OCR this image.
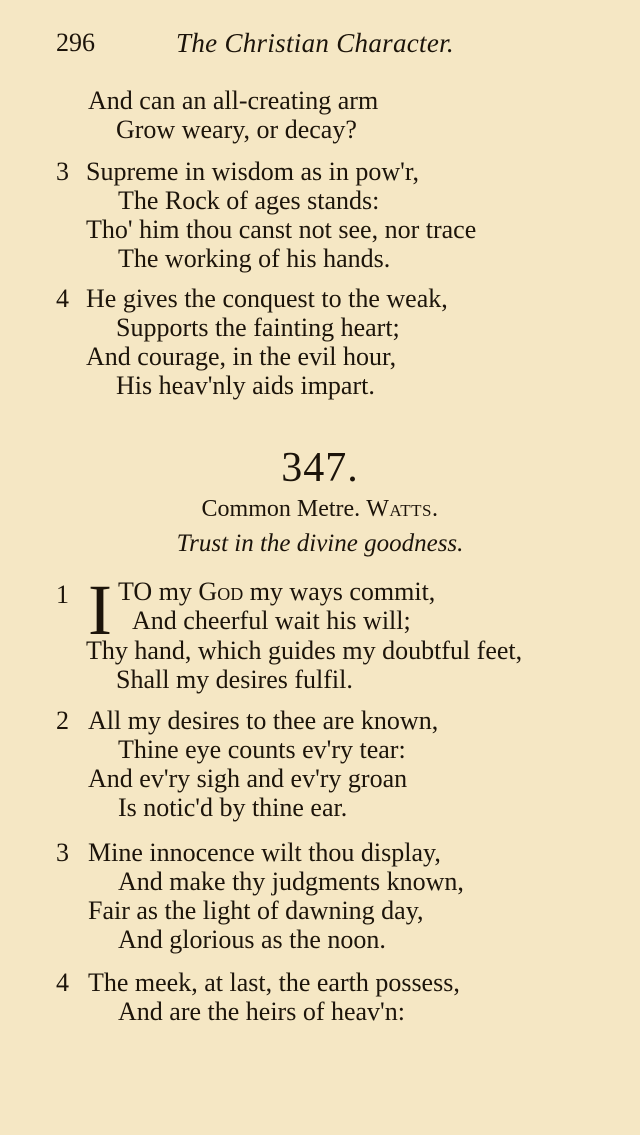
296	The Christian Character.
And can an all-creating arm
Grow weary, or decay?
3 Supreme in wisdom as in pow'r,
The Rock of ages stands:
Tho' him thou canst not see, nor trace
The working of his hands.
4 He gives the conquest to the weak,
Supports the fainting heart;
And courage, in the evil hour,
His heav'nly aids impart.
347.
Common Metre. Watts.
Trust in the divine goodness.
1 I TO my God my ways commit,
And cheerful wait his will;
Thy hand, which guides my doubtful feet,
Shall my desires fulfil.
2 All my desires to thee are known,
Thine eye counts ev'ry tear:
And ev'ry sigh and ev'ry groan
Is notic'd by thine ear.
3 Mine innocence wilt thou display,
And make thy judgments known,
Fair as the light of dawning day,
And glorious as the noon.
4 The meek, at last, the earth possess,
And are the heirs of heav'n:
